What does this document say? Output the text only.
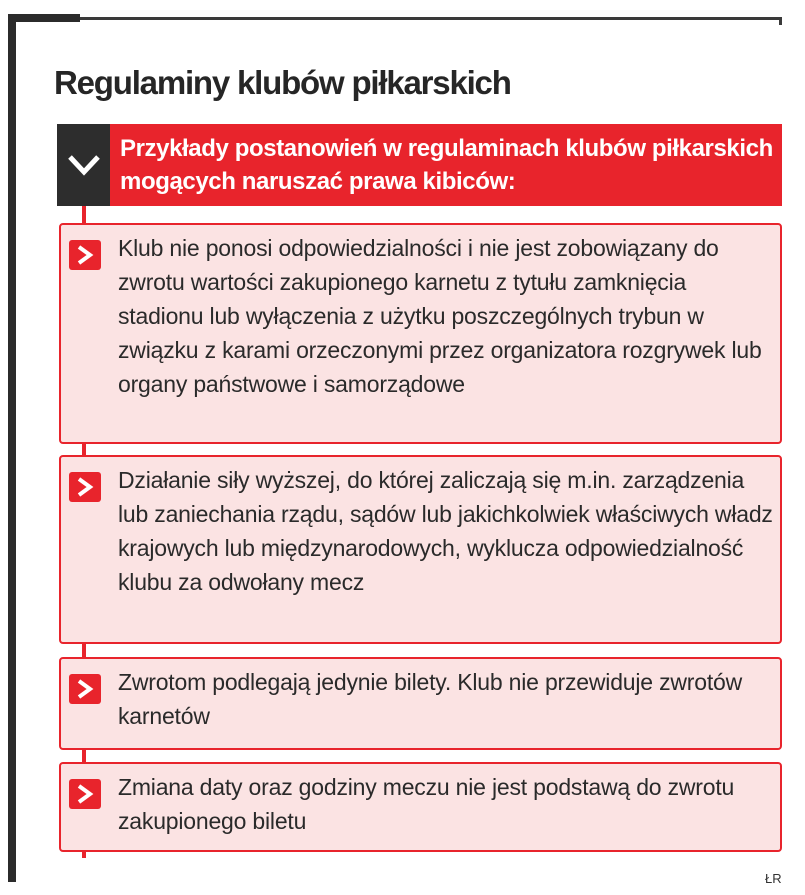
Regulaminy klubów piłkarskich

Przykłady postanowień w regulaminach klubów piłkarskich mogących naruszać prawa kibiców:

Klub nie ponosi odpowiedzialności i nie jest zobowiązany do zwrotu wartości zakupionego karnetu z tytułu zamknięcia stadionu lub wyłączenia z użytku poszczególnych trybun w związku z karami orzeczonymi przez organizatora rozgrywek lub organy państwowe i samorządowe

Działanie siły wyższej, do której zaliczają się m.in. zarządzenia lub zaniechania rządu, sądów lub jakichkolwiek właściwych władz krajowych lub międzynarodowych, wyklucza odpowiedzialność klubu za odwołany mecz

Zwrotom podlegają jedynie bilety. Klub nie przewiduje zwrotów karnetów

Zmiana daty oraz godziny meczu nie jest podstawą do zwrotu zakupionego biletu

ŁR
